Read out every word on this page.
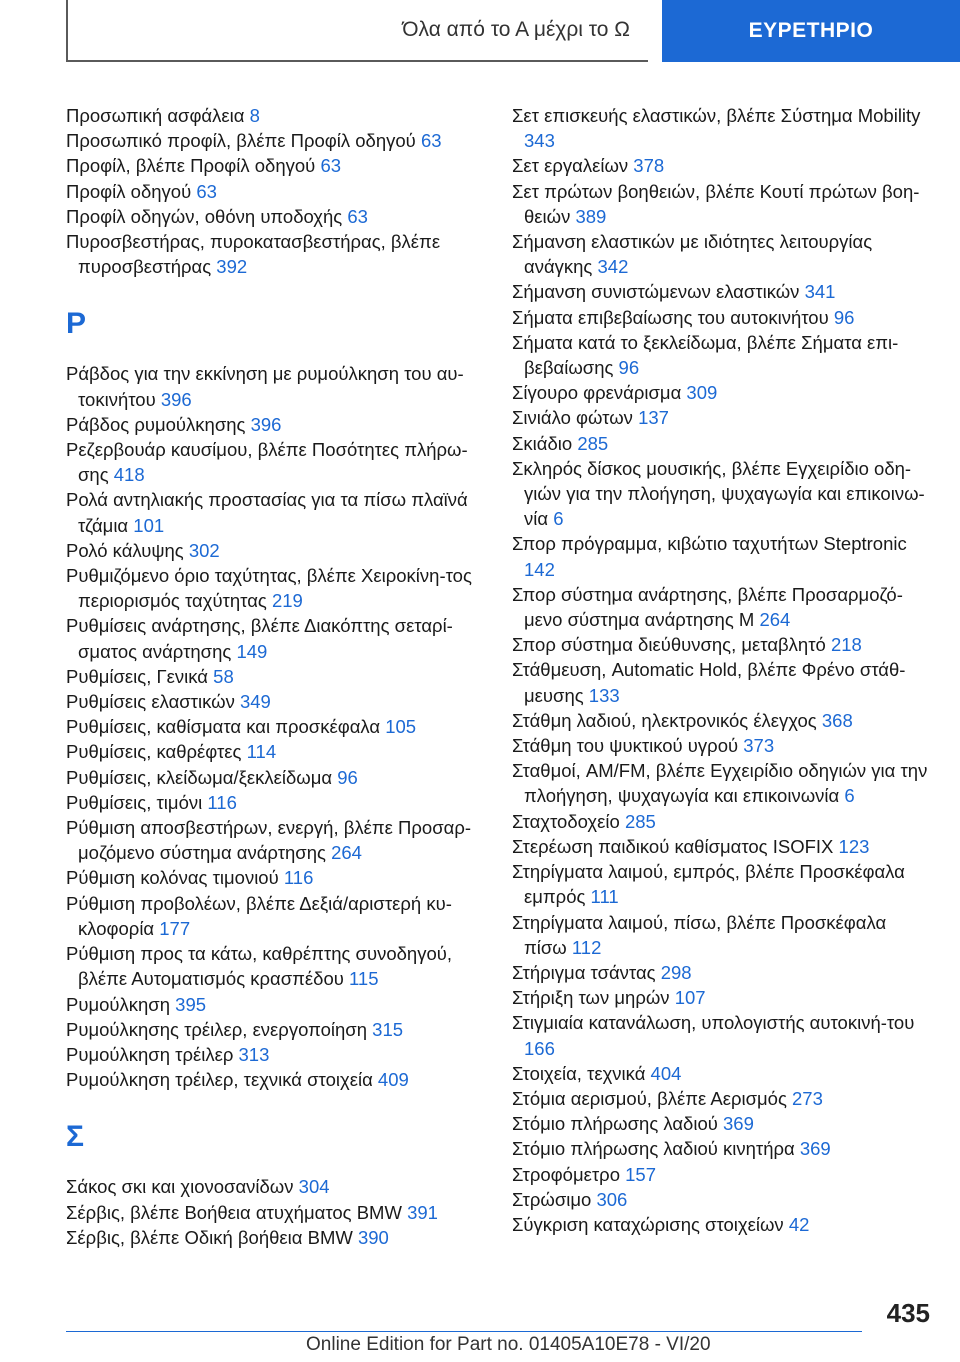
Όλα από το Α μέχρι το Ω	ΕΥΡΕΤΗΡΙΟ

Προσωπική ασφάλεια 8

Προσωπικό προφίλ, βλέπε Προφίλ οδηγού 63

Προφίλ, βλέπε Προφίλ οδηγού 63

Προφίλ οδηγού 63

Προφίλ οδηγών, οθόνη υποδοχής 63

Πυροσβεστήρας, πυροκατασβεστήρας, βλέπε πυροσβεστήρας 392

Ρ

Ράβδος για την εκκίνηση με ρυμούλκηση του αυ-τοκινήτου 396

Ράβδος ρυμούλκησης 396

Ρεζερβουάρ καυσίμου, βλέπε Ποσότητες πλήρω-σης 418

Ρολά αντηλιακής προστασίας για τα πίσω πλαϊνά τζάμια 101

Ρολό κάλυψης 302

Ρυθμιζόμενο όριο ταχύτητας, βλέπε Χειροκίνη-τος περιορισμός ταχύτητας 219

Ρυθμίσεις ανάρτησης, βλέπε Διακόπτης σεταρί-σματος ανάρτησης 149

Ρυθμίσεις, Γενικά 58

Ρυθμίσεις ελαστικών 349

Ρυθμίσεις, καθίσματα και προσκέφαλα 105

Ρυθμίσεις, καθρέφτες 114

Ρυθμίσεις, κλείδωμα/ξεκλείδωμα 96

Ρυθμίσεις, τιμόνι 116

Ρύθμιση αποσβεστήρων, ενεργή, βλέπε Προσαρ-μοζόμενο σύστημα ανάρτησης 264

Ρύθμιση κολόνας τιμονιού 116

Ρύθμιση προβολέων, βλέπε Δεξιά/αριστερή κυ-κλοφορία 177

Ρύθμιση προς τα κάτω, καθρέπτης συνοδηγού, βλέπε Αυτοματισμός κρασπέδου 115

Ρυμούλκηση 395

Ρυμούλκησης τρέιλερ, ενεργοποίηση 315

Ρυμούλκηση τρέιλερ 313

Ρυμούλκηση τρέιλερ, τεχνικά στοιχεία 409

Σ

Σάκος σκι και χιονοσανίδων 304

Σέρβις, βλέπε Βοήθεια ατυχήματος BMW 391

Σέρβις, βλέπε Οδική βοήθεια BMW 390

Σετ επισκευής ελαστικών, βλέπε Σύστημα Mobility 343

Σετ εργαλείων 378

Σετ πρώτων βοηθειών, βλέπε Κουτί πρώτων βοη-θειών 389

Σήμανση ελαστικών με ιδιότητες λειτουργίας ανάγκης 342

Σήμανση συνιστώμενων ελαστικών 341

Σήματα επιβεβαίωσης του αυτοκινήτου 96

Σήματα κατά το ξεκλείδωμα, βλέπε Σήματα επι-βεβαίωσης 96

Σίγουρο φρενάρισμα 309

Σινιάλο φώτων 137

Σκιάδιο 285

Σκληρός δίσκος μουσικής, βλέπε Εγχειρίδιο οδη-γιών για την πλοήγηση, ψυχαγωγία και επικοινω-νία 6

Σπορ πρόγραμμα, κιβώτιο ταχυτήτων Steptronic 142

Σπορ σύστημα ανάρτησης, βλέπε Προσαρμοζό-μενο σύστημα ανάρτησης M 264

Σπορ σύστημα διεύθυνσης, μεταβλητό 218

Στάθμευση, Automatic Hold, βλέπε Φρένο στάθ-μευσης 133

Στάθμη λαδιού, ηλεκτρονικός έλεγχος 368

Στάθμη του ψυκτικού υγρού 373

Σταθμοί, AM/FM, βλέπε Εγχειρίδιο οδηγιών για την πλοήγηση, ψυχαγωγία και επικοινωνία 6

Σταχτοδοχείο 285

Στερέωση παιδικού καθίσματος ISOFIX 123

Στηρίγματα λαιμού, εμπρός, βλέπε Προσκέφαλα εμπρός 111

Στηρίγματα λαιμού, πίσω, βλέπε Προσκέφαλα πίσω 112

Στήριγμα τσάντας 298

Στήριξη των μηρών 107

Στιγμιαία κατανάλωση, υπολογιστής αυτοκινή-του 166

Στοιχεία, τεχνικά 404

Στόμια αερισμού, βλέπε Αερισμός 273

Στόμιο πλήρωσης λαδιού 369

Στόμιο πλήρωσης λαδιού κινητήρα 369

Στροφόμετρο 157

Στρώσιμο 306

Σύγκριση καταχώρισης στοιχείων 42

435
Online Edition for Part no. 01405A10E78 - VI/20
